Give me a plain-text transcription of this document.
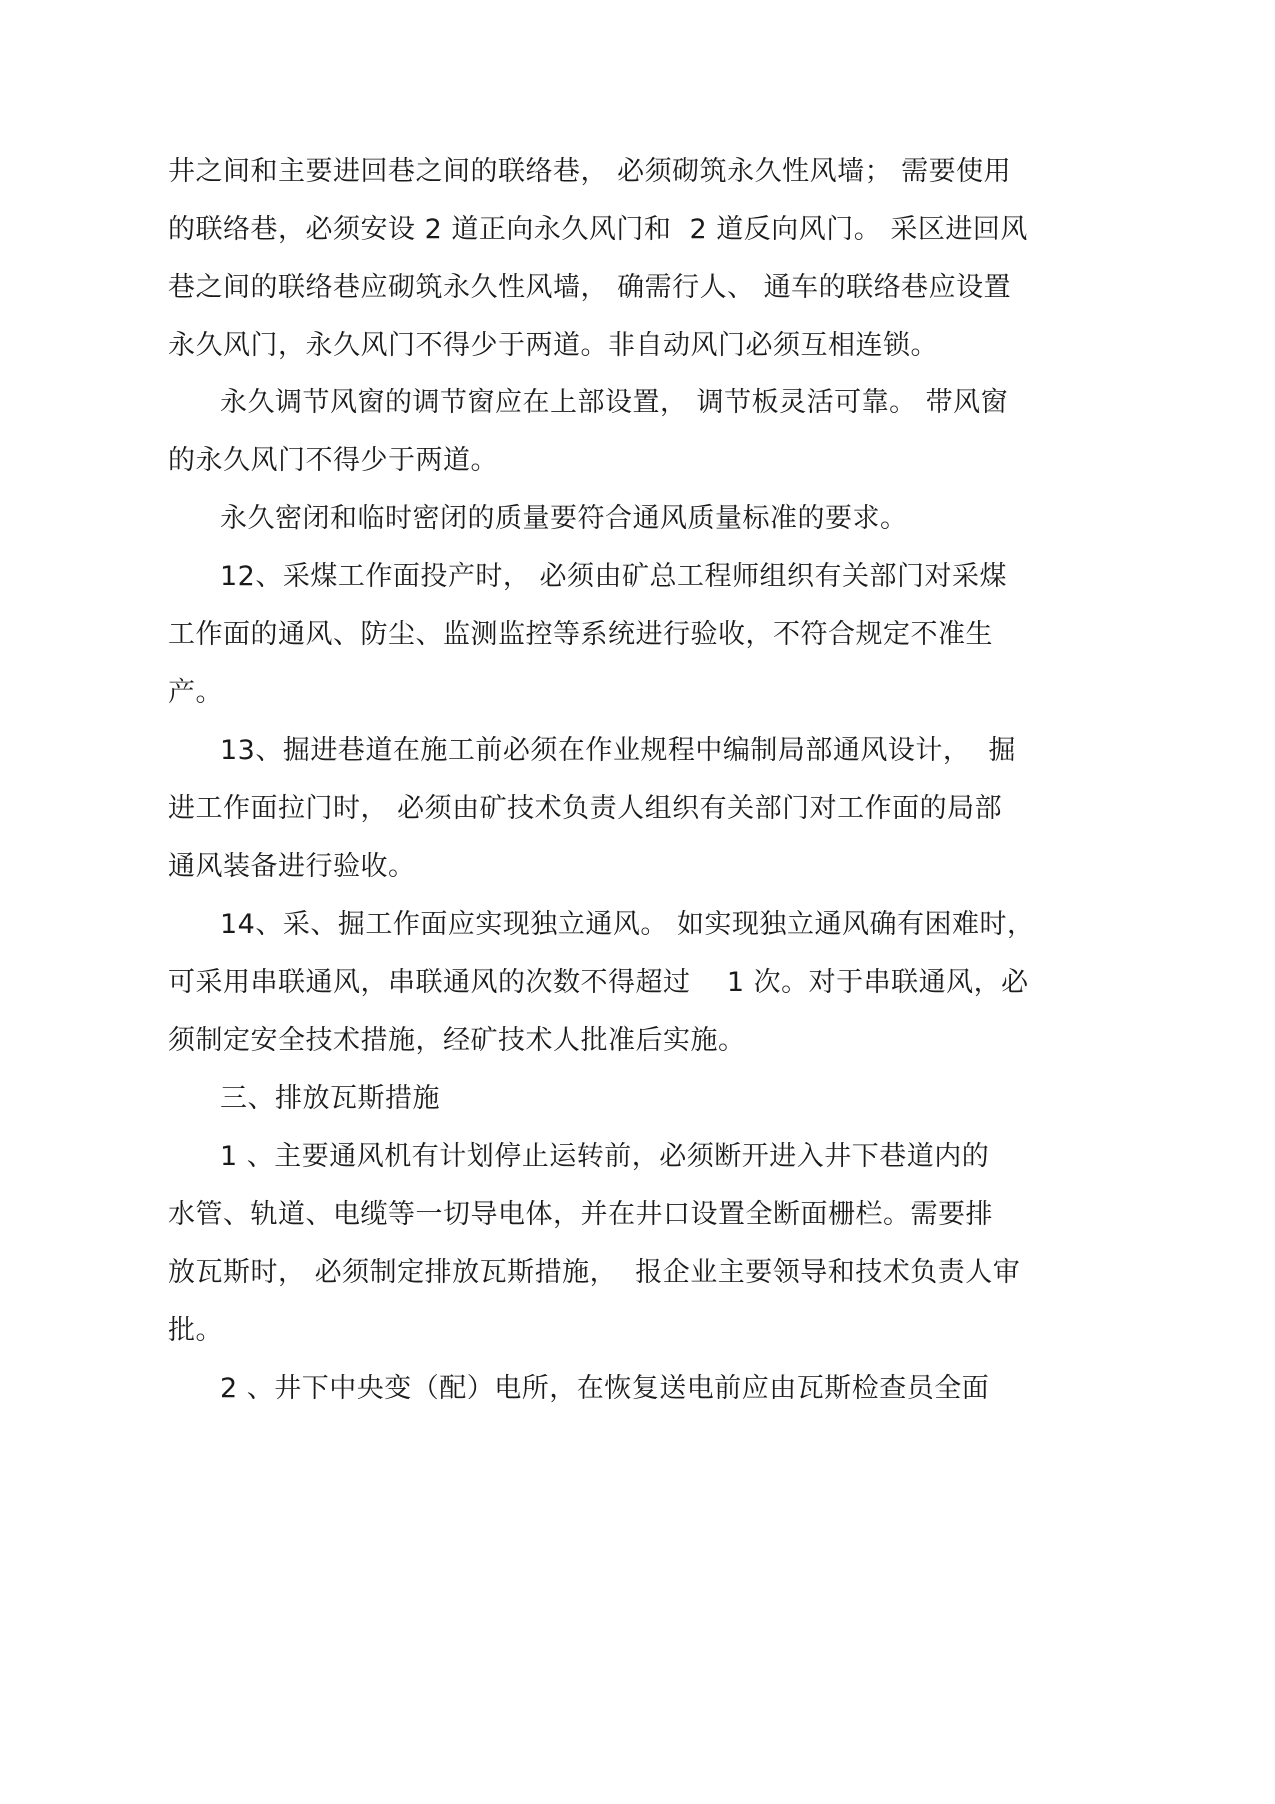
井之间和主要进回巷之间的联络巷， 必须砌筑永久性风墙； 需要使用
的联络巷，必须安设 2 道正向永久风门和  2 道反向风门。 采区进回风
巷之间的联络巷应砌筑永久性风墙， 确需行人、 通车的联络巷应设置
永久风门，永久风门不得少于两道。非自动风门必须互相连锁。
永久调节风窗的调节窗应在上部设置， 调节板灵活可靠。 带风窗
的永久风门不得少于两道。
永久密闭和临时密闭的质量要符合通风质量标准的要求。
12、采煤工作面投产时， 必须由矿总工程师组织有关部门对采煤
工作面的通风、防尘、监测监控等系统进行验收，不符合规定不准生
产。
13、掘进巷道在施工前必须在作业规程中编制局部通风设计，  掘
进工作面拉门时， 必须由矿技术负责人组织有关部门对工作面的局部
通风装备进行验收。
14、采、掘工作面应实现独立通风。 如实现独立通风确有困难时，
可采用串联通风，串联通风的次数不得超过    1 次。对于串联通风，必
须制定安全技术措施，经矿技术人批准后实施。
三、排放瓦斯措施
1 、主要通风机有计划停止运转前，必须断开进入井下巷道内的
水管、轨道、电缆等一切导电体，并在井口设置全断面栅栏。需要排
放瓦斯时， 必须制定排放瓦斯措施，  报企业主要领导和技术负责人审
批。
2 、井下中央变（配）电所，在恢复送电前应由瓦斯检查员全面
